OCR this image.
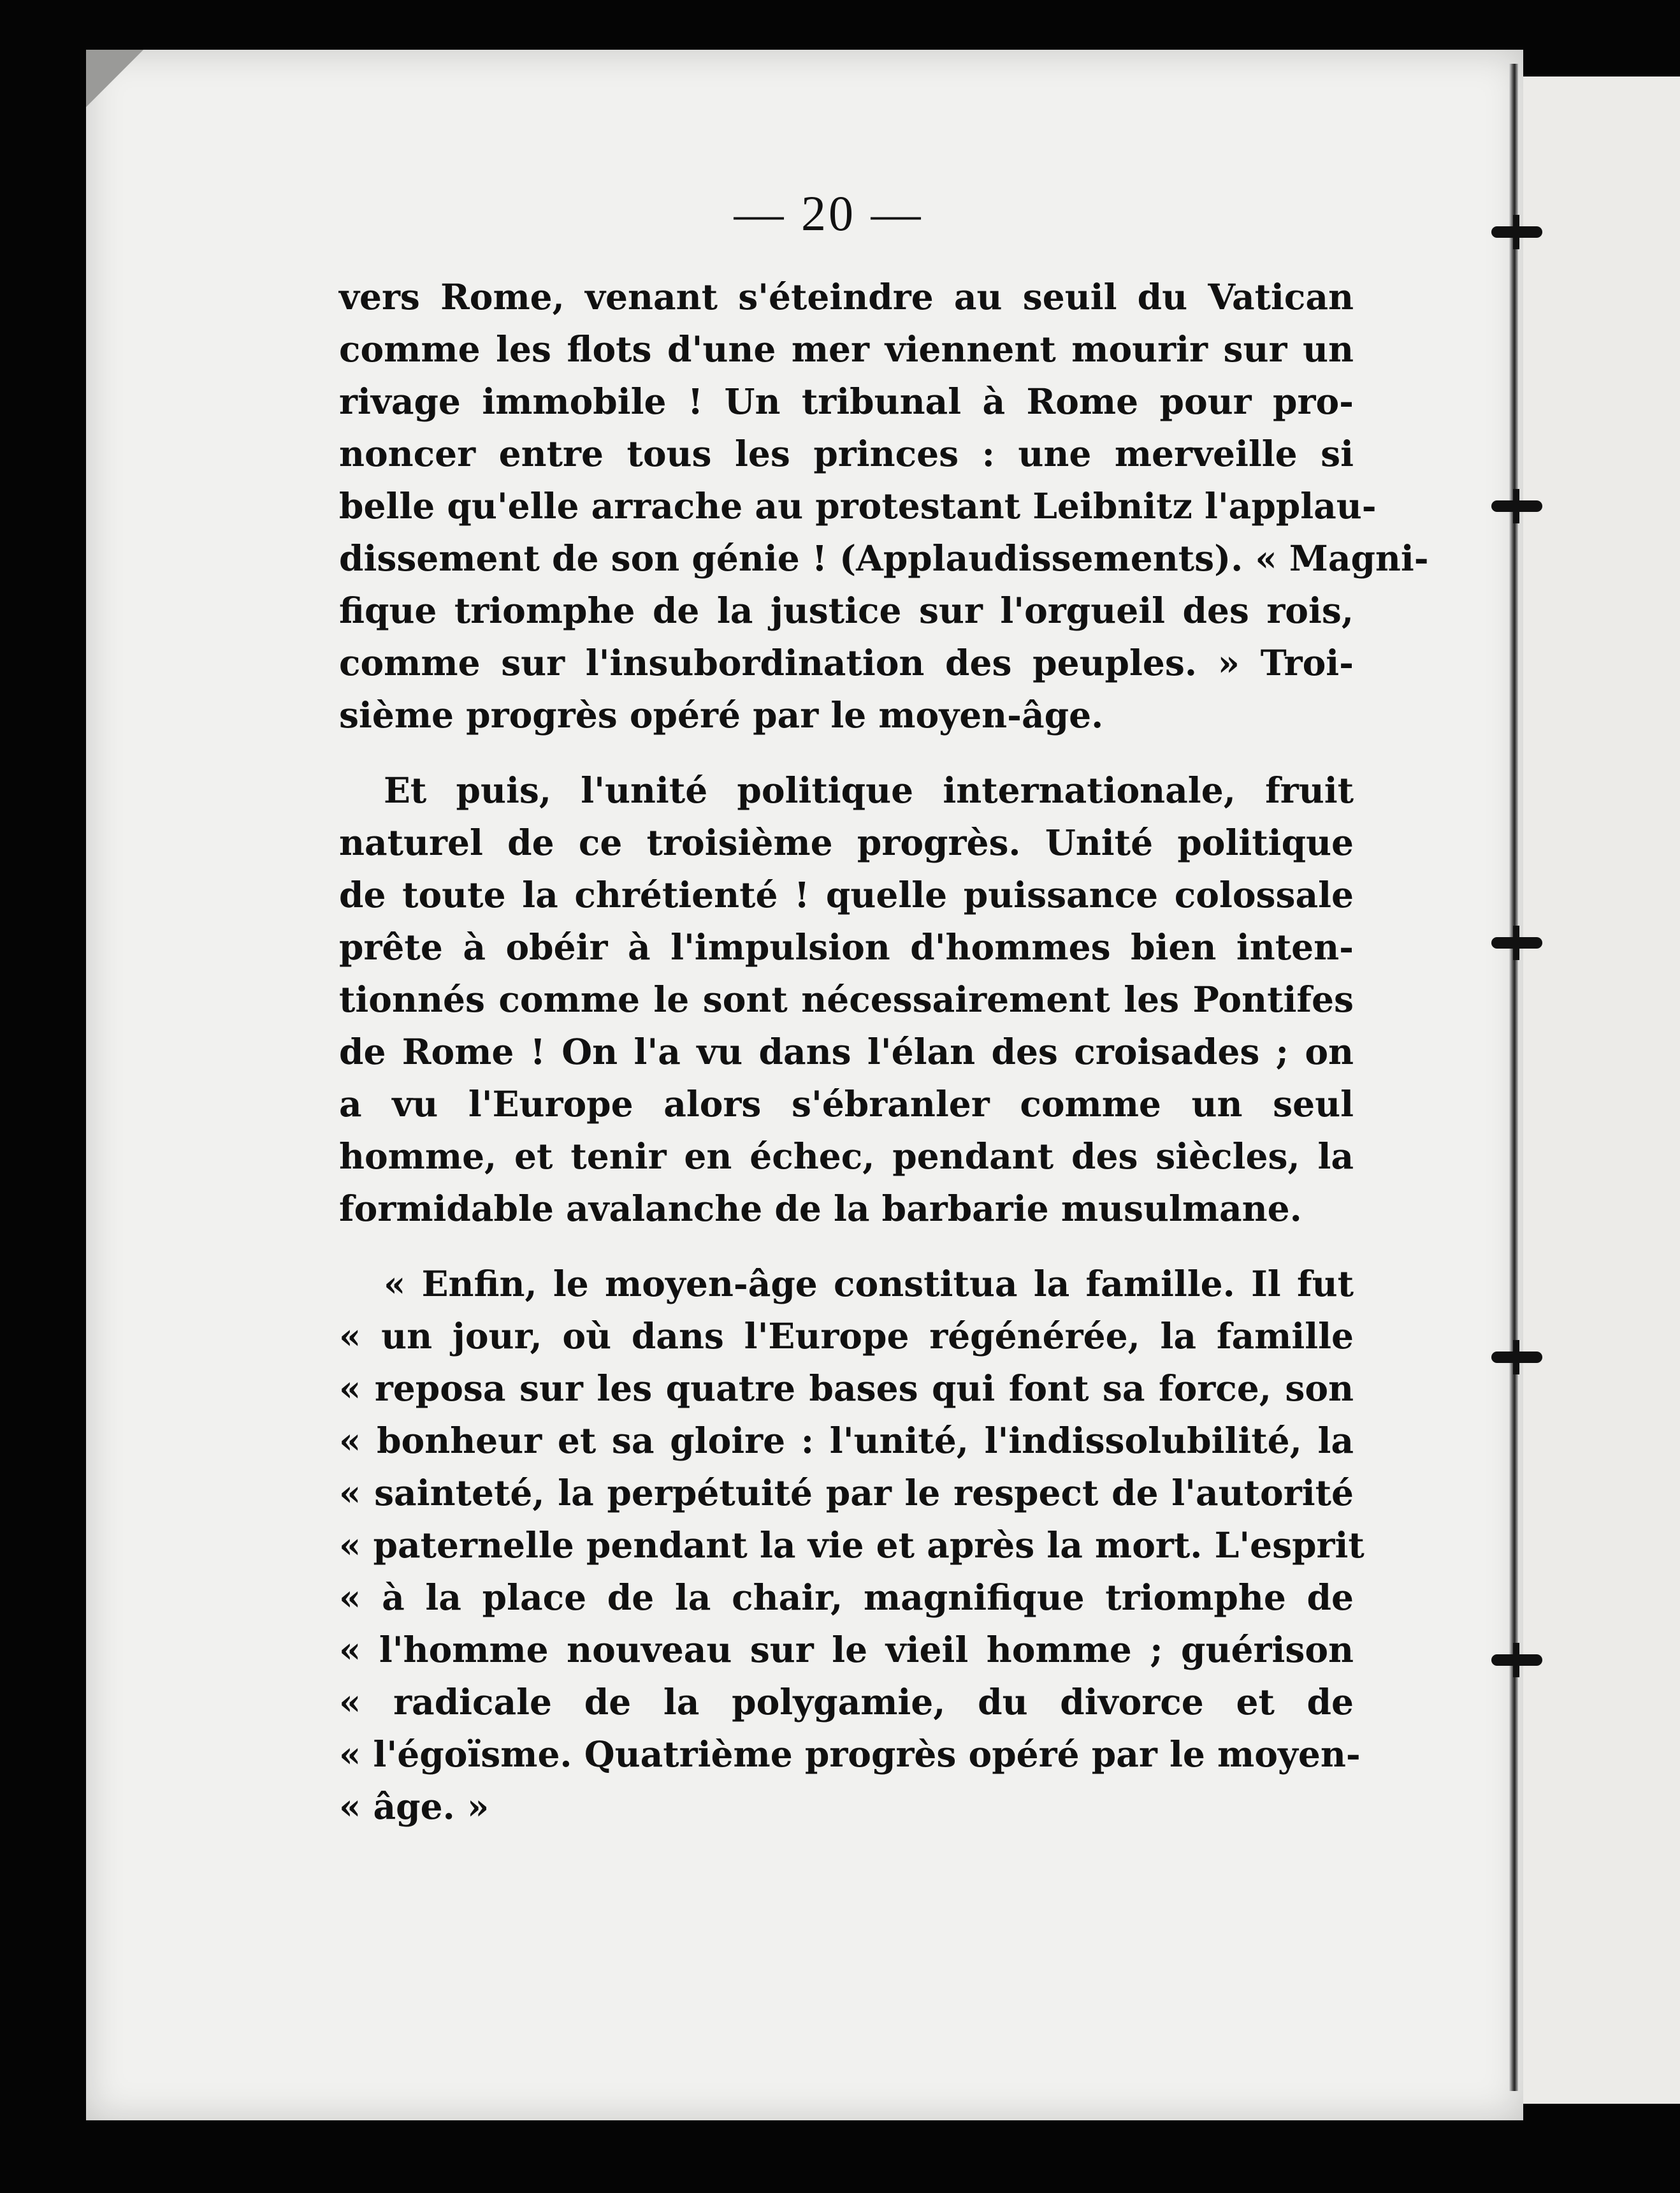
— 20 —

vers Rome, venant s'éteindre au seuil du Vatican
comme les flots d'une mer viennent mourir sur un
rivage immobile ! Un tribunal à Rome pour pro-
noncer entre tous les princes : une merveille si
belle qu'elle arrache au protestant Leibnitz l'applau-
dissement de son génie ! (Applaudissements). « Magni-
fique triomphe de la justice sur l'orgueil des rois,
comme sur l'insubordination des peuples. » Troi-
sième progrès opéré par le moyen-âge.

Et puis, l'unité politique internationale, fruit
naturel de ce troisième progrès. Unité politique
de toute la chrétienté ! quelle puissance colossale
prête à obéir à l'impulsion d'hommes bien inten-
tionnés comme le sont nécessairement les Pontifes
de Rome ! On l'a vu dans l'élan des croisades ; on
a vu l'Europe alors s'ébranler comme un seul
homme, et tenir en échec, pendant des siècles, la
formidable avalanche de la barbarie musulmane.

« Enfin, le moyen-âge constitua la famille. Il fut
« un jour, où dans l'Europe régénérée, la famille
« reposa sur les quatre bases qui font sa force, son
« bonheur et sa gloire : l'unité, l'indissolubilité, la
« sainteté, la perpétuité par le respect de l'autorité
« paternelle pendant la vie et après la mort. L'esprit
« à la place de la chair, magnifique triomphe de
« l'homme nouveau sur le vieil homme ; guérison
« radicale de la polygamie, du divorce et de
« l'égoïsme. Quatrième progrès opéré par le moyen-
« âge. »
